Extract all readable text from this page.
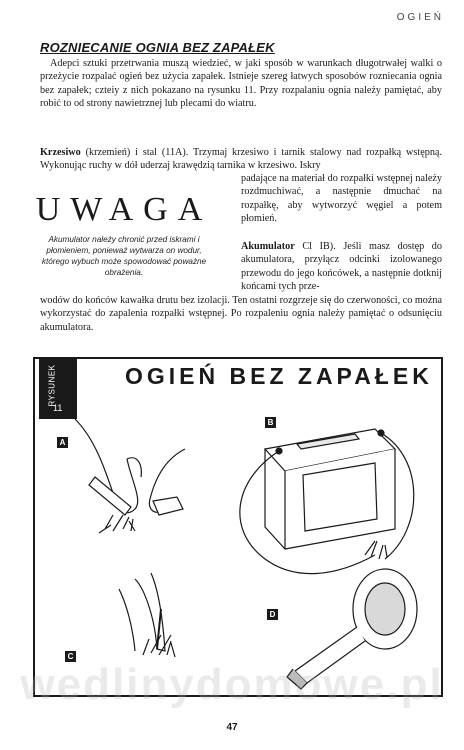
OGIEŃ
ROZNIECANIE OGNIA BEZ ZAPAŁEK

Adepci sztuki przetrwania muszą wiedzieć, w jaki sposób w warunkach długotrwałej walki o przeżycie rozpalać ogień bez użycia zapałek. Istnieje szereg łatwych sposobów rozniecania ognia bez zapałek; czteiy z nich pokazano na rysunku 11. Przy rozpalaniu ognia należy pamiętać, aby robić to od strony nawietrznej lub plecami do wiatru.

Krzesiwo (krzemień) i stal (11A). Trzymaj krzesiwo i tarnik stalowy nad rozpałką wstępną. Wykonując ruchy w dół uderzaj krawędzią tarnika w krzesiwo. Iskry

padające na materiał do rozpałki wstępnej należy rozdmuchiwać, a następnie dmuchać na rozpałkę, aby wytworzyć węgiel a potem płomień.

UWAGA
Akumulator należy chronić przed iskrami i płomieniem, ponieważ wytwarza on wodur, którego wybuch może spowodować poważne obrażenia.

Akumulator Cl IB). Jeśli masz dostęp do akumulatora, przyłącz odcinki izolowanego przewodu do jego końcówek, a następnie dotknij końcami tych prze-

wodów do końców kawałka drutu bez izolacji. Ten ostatni rozgrzeje się do czerwoności, co można wykorzystać do zapalenia rozpałki wstępnej. Po rozpaleniu ognia należy pamiętać o odsunięciu akumulatora.

RYSUNEK
11
OGIEŃ BEZ ZAPAŁEK
A
B
C
D
wedlinydomowe.pl
47
